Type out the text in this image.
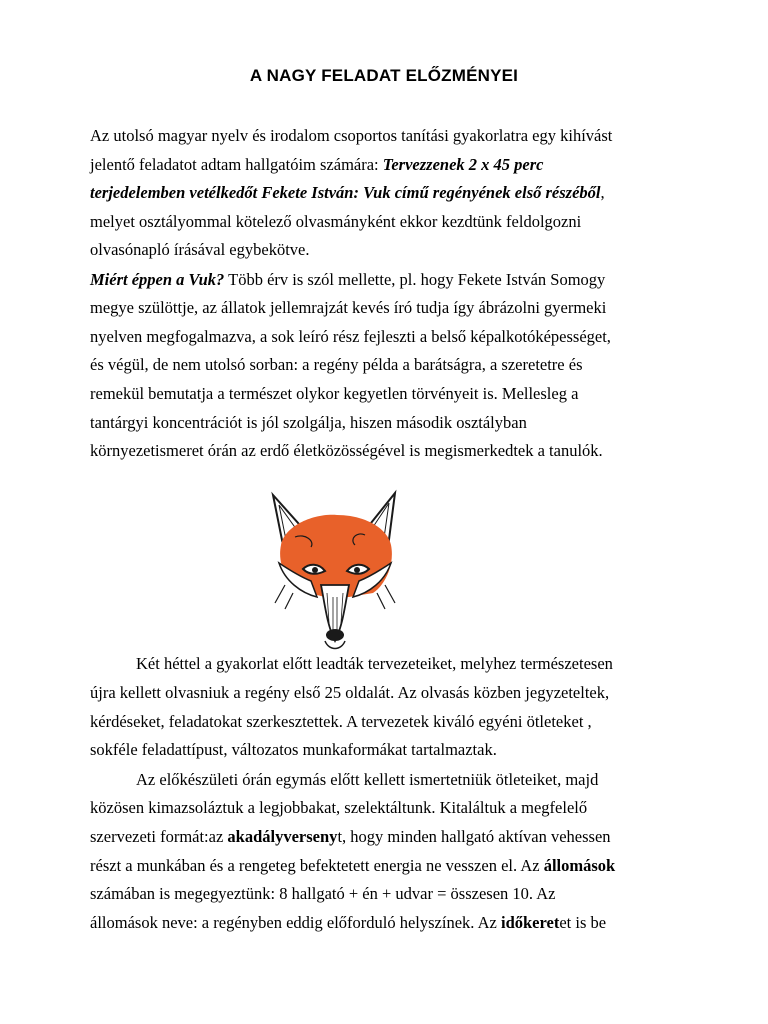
A NAGY FELADAT ELŐZMÉNYEI
Az utolsó magyar nyelv és irodalom csoportos tanítási gyakorlatra egy kihívást
jelentő feladatot adtam hallgatóim számára: Tervezzenek 2 x 45 perc
terjedelemben vetélkedőt Fekete István: Vuk című regényének első részéből,
melyet osztályommal kötelező olvasmányként ekkor kezdtünk feldolgozni
olvasónapló írásával egybekötve.
Miért éppen a Vuk? Több érv is szól mellette, pl. hogy Fekete István Somogy
megye szülöttje, az állatok jellemrajzát kevés író tudja így ábrázolni gyermeki
nyelven megfogalmazva, a sok leíró rész fejleszti a belső képalkotóképességet,
és végül, de nem utolsó sorban: a regény példa a barátságra, a szeretetre és
remekül bemutatja a természet olykor kegyetlen törvényeit is. Mellesleg a
tantárgyi koncentrációt is jól szolgálja, hiszen második osztályban
környezetismeret órán az erdő életközösségével is megismerkedtek a tanulók.
Két héttel a gyakorlat előtt leadták tervezeteiket, melyhez természetesen
újra kellett olvasniuk a regény első 25 oldalát. Az olvasás közben jegyzeteltek,
kérdéseket, feladatokat szerkesztettek. A tervezetek kiváló egyéni ötleteket ,
sokféle feladattípust, változatos munkaformákat tartalmaztak.
Az előkészületi órán egymás előtt kellett ismertetniük ötleteiket, majd
közösen kimazsoláztuk a legjobbakat, szelektáltunk. Kitaláltuk a megfelelő
szervezeti formát:az akadályversenyt, hogy minden hallgató aktívan vehessen
részt a munkában és a rengeteg befektetett energia ne vesszen el. Az állomások
számában is megegyeztünk: 8 hallgató + én + udvar = összesen 10. Az
állomások neve: a regényben eddig előforduló helyszínek. Az időkeretet is be
